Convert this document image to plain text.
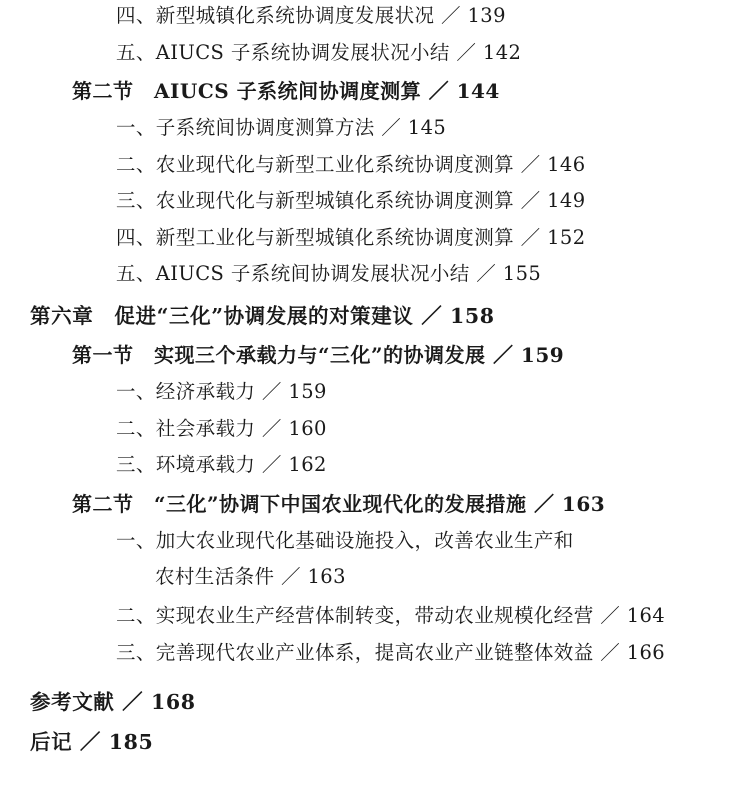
四、新型城镇化系统协调度发展状况 ／ 139
五、AIUCS 子系统协调发展状况小结 ／ 142
第二节　AIUCS 子系统间协调度测算 ／ 144
一、子系统间协调度测算方法 ／ 145
二、农业现代化与新型工业化系统协调度测算 ／ 146
三、农业现代化与新型城镇化系统协调度测算 ／ 149
四、新型工业化与新型城镇化系统协调度测算 ／ 152
五、AIUCS 子系统间协调发展状况小结 ／ 155
第六章　促进“三化”协调发展的对策建议 ／ 158
第一节　实现三个承载力与“三化”的协调发展 ／ 159
一、经济承载力 ／ 159
二、社会承载力 ／ 160
三、环境承载力 ／ 162
第二节　“三化”协调下中国农业现代化的发展措施 ／ 163
一、加大农业现代化基础设施投入，改善农业生产和
农村生活条件 ／ 163
二、实现农业生产经营体制转变，带动农业规模化经营 ／ 164
三、完善现代农业产业体系，提高农业产业链整体效益 ／ 166
参考文献 ／ 168
后记 ／ 185
